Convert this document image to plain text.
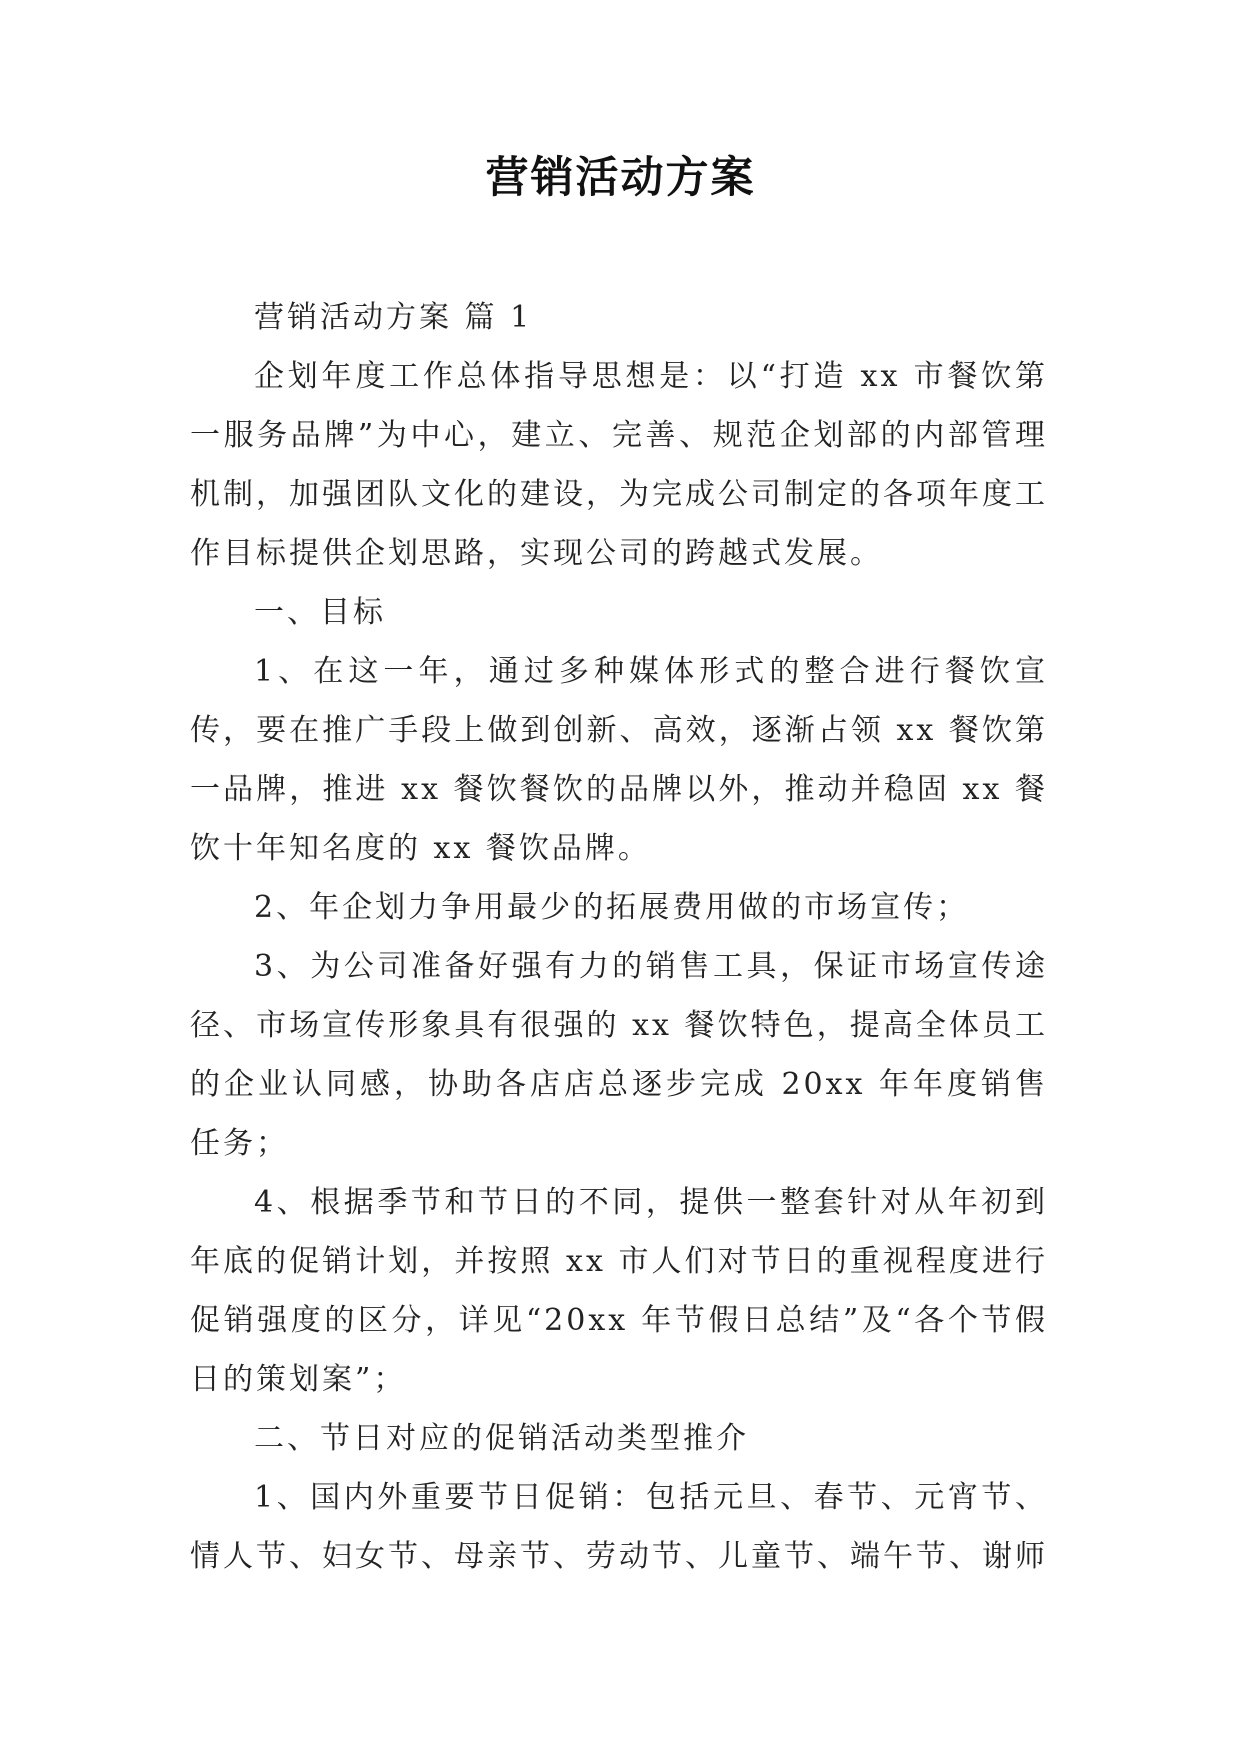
营销活动方案

营销活动方案 篇 1

企划年度工作总体指导思想是：以“打造 xx 市餐饮第一服务品牌”为中心，建立、完善、规范企划部的内部管理机制，加强团队文化的建设，为完成公司制定的各项年度工作目标提供企划思路，实现公司的跨越式发展。

一、目标

1、在这一年，通过多种媒体形式的整合进行餐饮宣传，要在推广手段上做到创新、高效，逐渐占领 xx 餐饮第一品牌，推进 xx 餐饮餐饮的品牌以外，推动并稳固 xx 餐饮十年知名度的 xx 餐饮品牌。

2、年企划力争用最少的拓展费用做的市场宣传；

3、为公司准备好强有力的销售工具，保证市场宣传途径、市场宣传形象具有很强的 xx 餐饮特色，提高全体员工的企业认同感，协助各店店总逐步完成 20xx 年年度销售任务；

4、根据季节和节日的不同，提供一整套针对从年初到年底的促销计划，并按照 xx 市人们对节日的重视程度进行促销强度的区分，详见“20xx 年节假日总结”及“各个节假日的策划案”；

二、节日对应的促销活动类型推介

1、国内外重要节日促销：包括元旦、春节、元宵节、情人节、妇女节、母亲节、劳动节、儿童节、端午节、谢师
